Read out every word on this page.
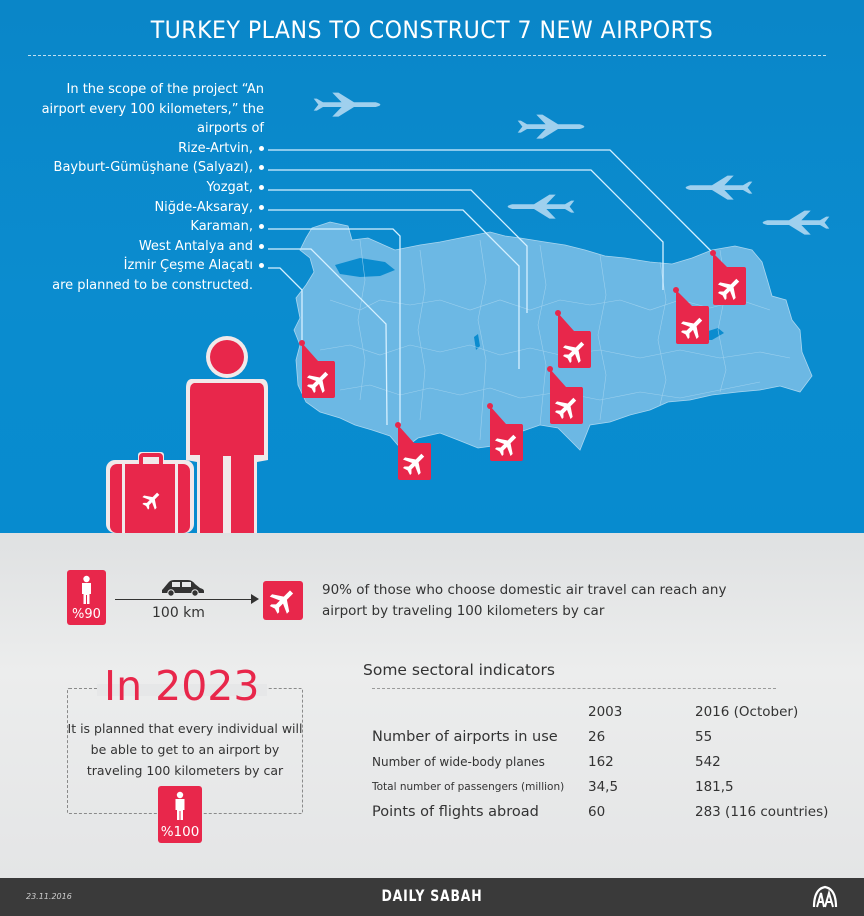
TURKEY PLANS TO CONSTRUCT 7 NEW AIRPORTS
In the scope of the project “An
airport every 100 kilometers,” the
airports of
Rize-Artvin,
Bayburt-Gümüşhane (Salyazı),
Yozgat,
Niğde-Aksaray,
Karaman,
West Antalya and
İzmir Çeşme Alaçatı
are planned to be constructed.
%90	100 km
90% of those who choose domestic air travel can reach any airport by traveling 100 kilometers by car
In 2023
It is planned that every individual will be able to get to an airport by traveling 100 kilometers by car
%100
Some sectoral indicators
	2003	2016 (October)
Number of airports in use	26	55
Number of wide-body planes	162	542
Total number of passengers (million)	34,5	181,5
Points of flights abroad	60	283 (116 countries)
23.11.2016	DAILY SABAH
